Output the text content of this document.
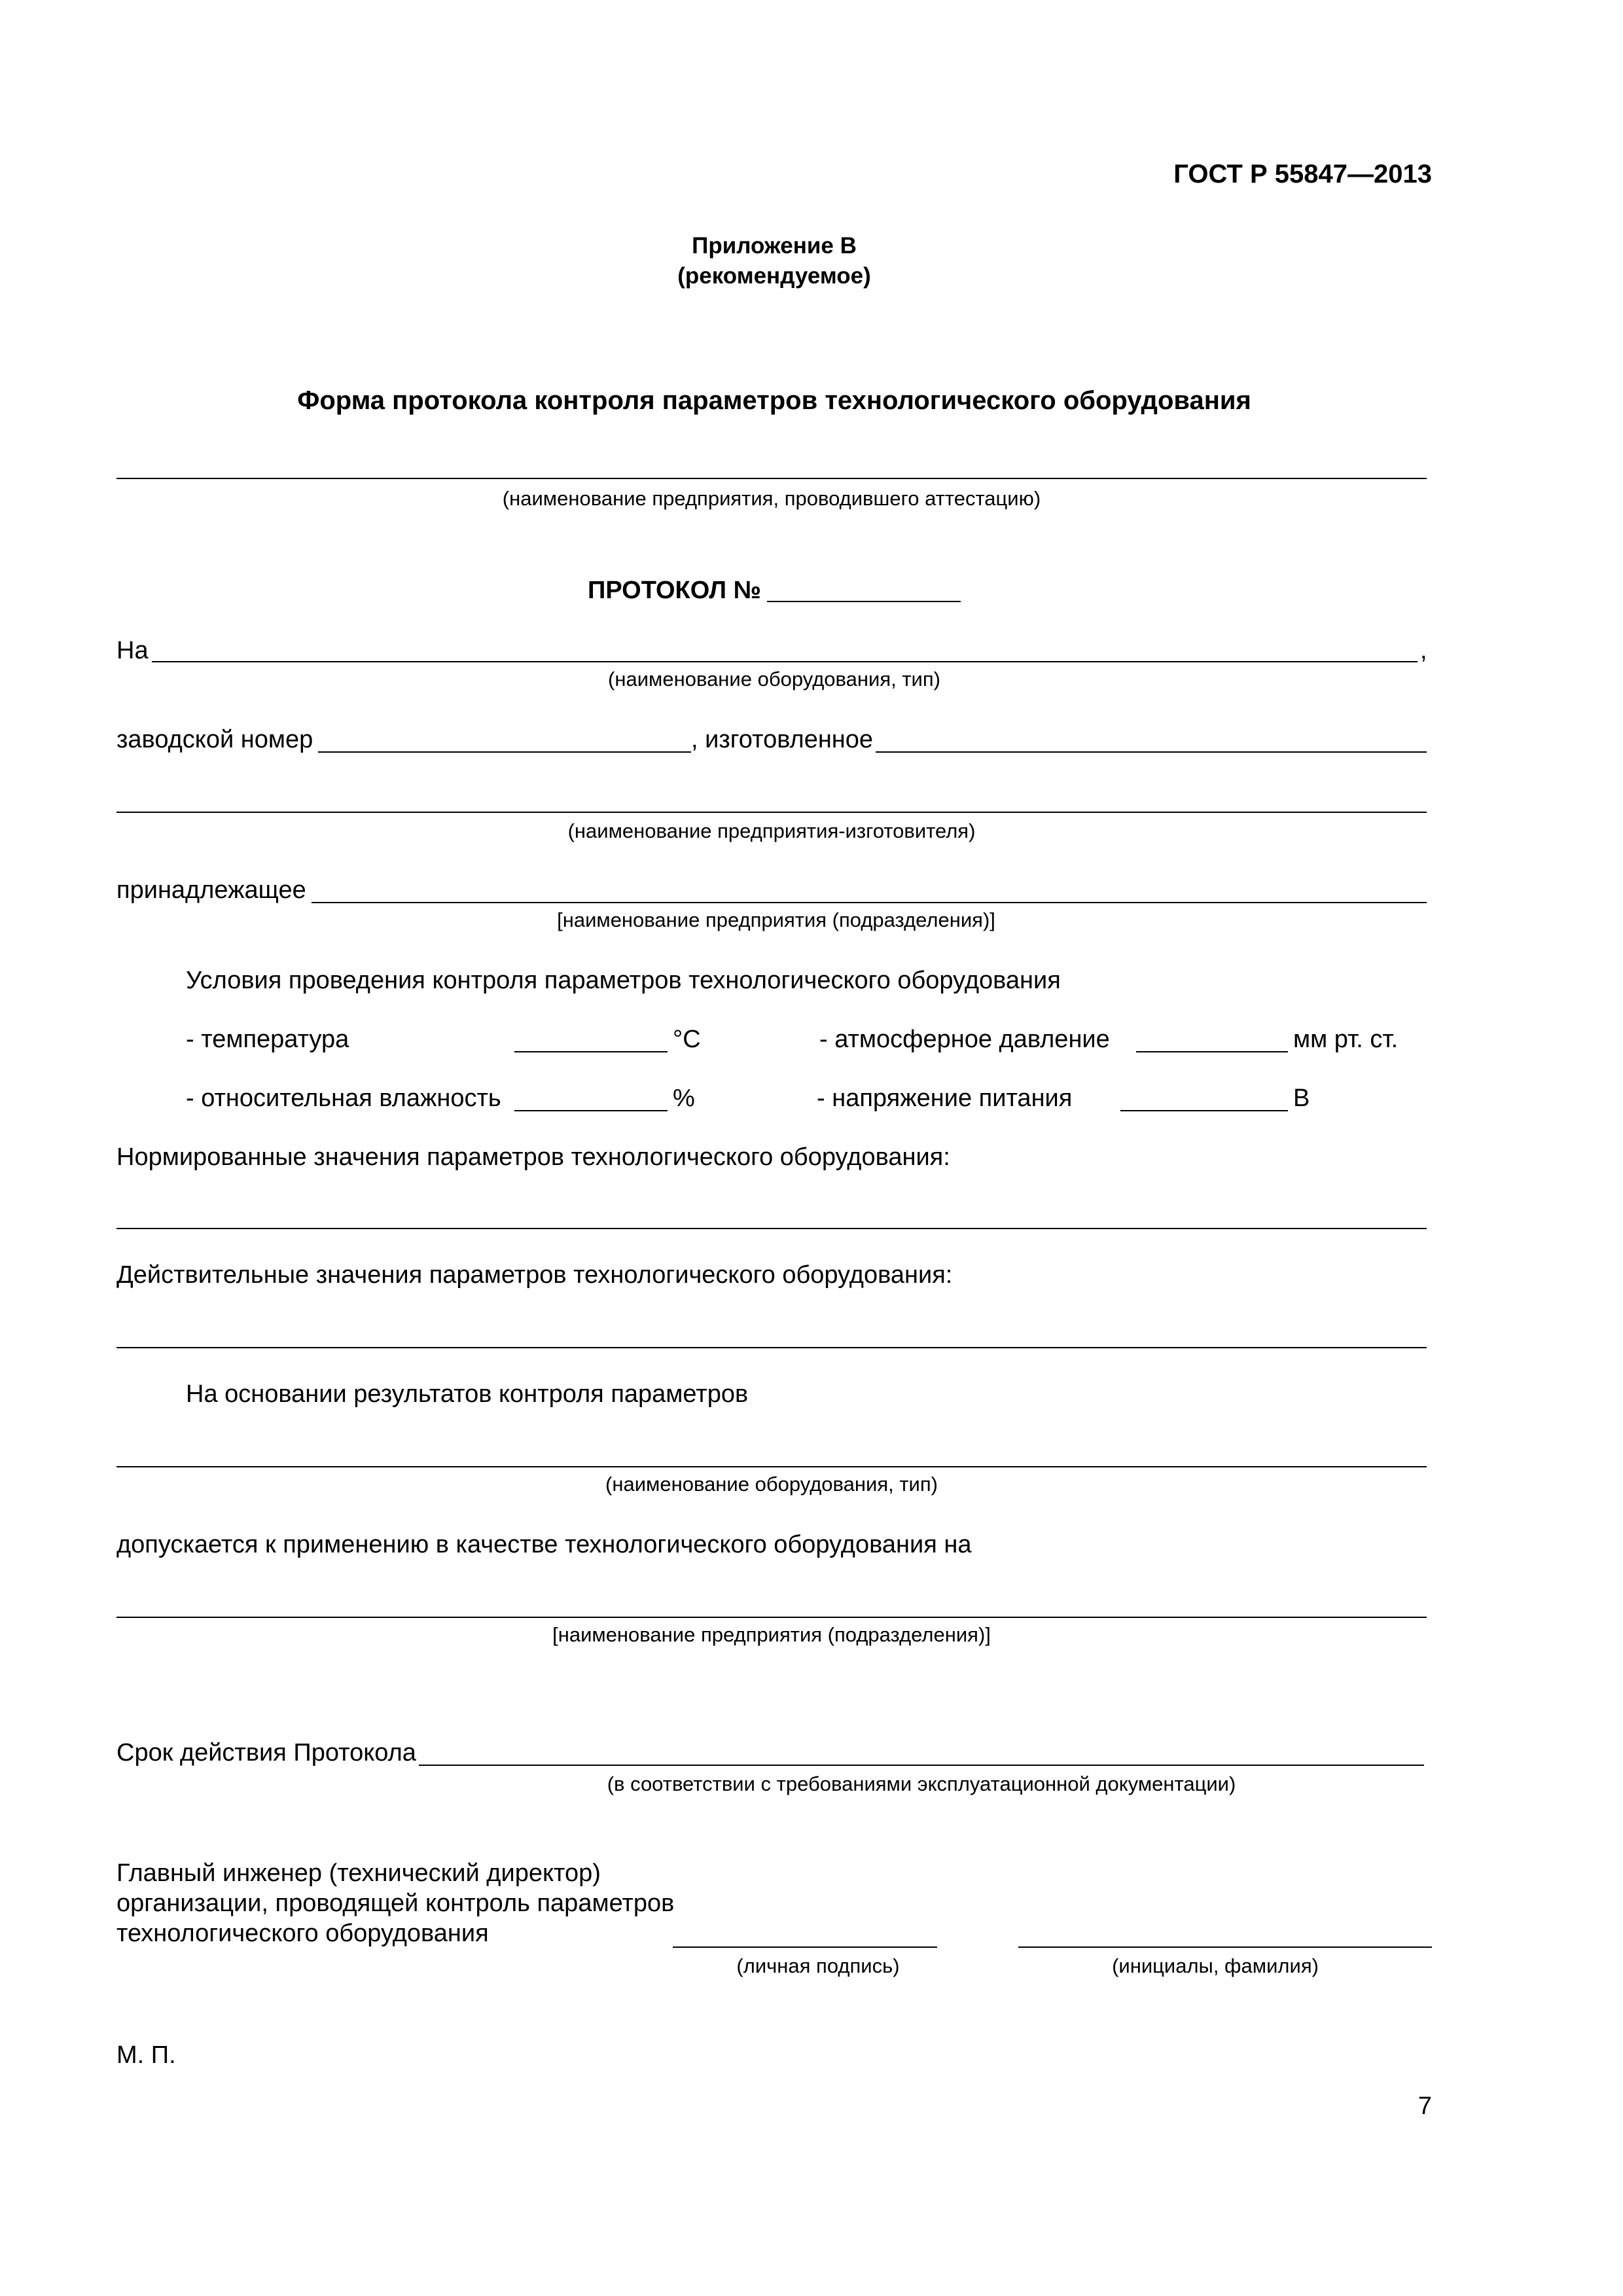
ГОСТ Р 55847—2013
Приложение В
(рекомендуемое)
Форма протокола контроля параметров технологического оборудования
(наименование предприятия, проводившего аттестацию)
ПРОТОКОЛ №
На	,
(наименование оборудования, тип)
заводской номер	, изготовленное
(наименование предприятия-изготовителя)
принадлежащее
[наименование предприятия (подразделения)]
Условия проведения контроля параметров технологического оборудования
- температура	°С	- атмосферное давление	мм рт. ст.
- относительная влажность	%	- напряжение питания	В
Нормированные значения параметров технологического оборудования:
Действительные значения параметров технологического оборудования:
На основании результатов контроля параметров
(наименование оборудования, тип)
допускается к применению в качестве технологического оборудования на
[наименование предприятия (подразделения)]
Срок действия Протокола
(в соответствии с требованиями эксплуатационной документации)
Главный инженер (технический директор)
организации, проводящей контроль параметров
технологического оборудования
(личная подпись)	(инициалы, фамилия)
М. П.
7
